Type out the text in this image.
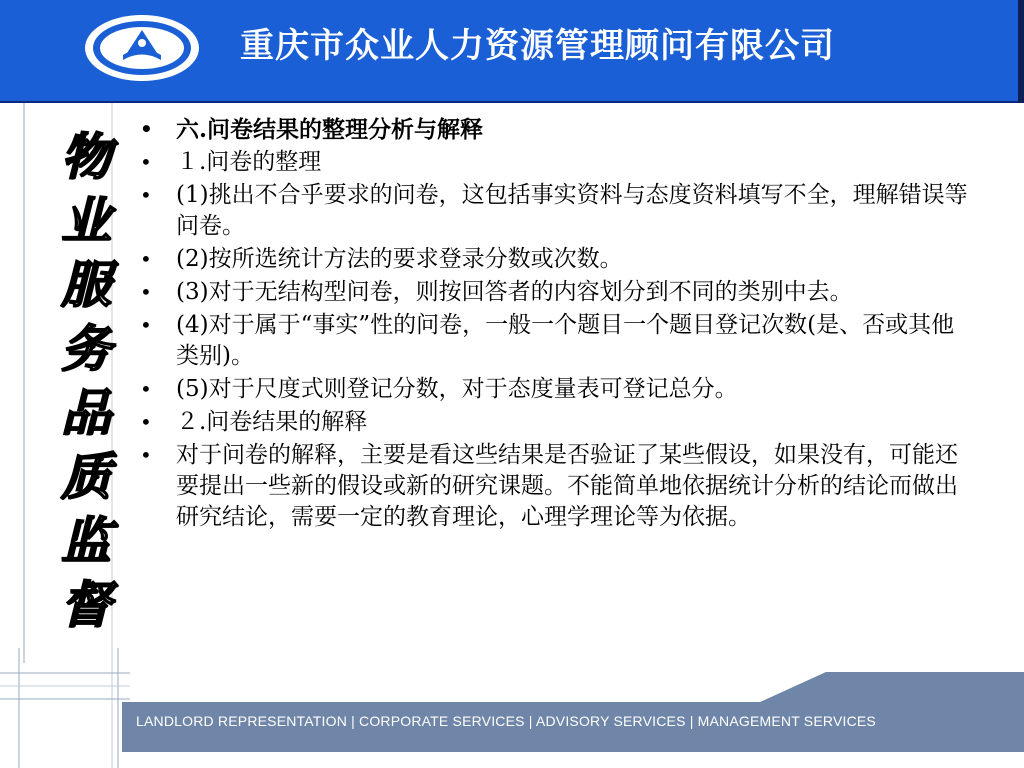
重庆市众业人力资源管理顾问有限公司
物业服务品质监督
• 六.问卷结果的整理分析与解释
• １.问卷的整理
• (1)挑出不合乎要求的问卷，这包括事实资料与态度资料填写不全，理解错误等问卷。
• (2)按所选统计方法的要求登录分数或次数。
• (3)对于无结构型问卷，则按回答者的内容划分到不同的类别中去。
• (4)对于属于“事实”性的问卷，一般一个题目一个题目登记次数(是、否或其他类别)。
• (5)对于尺度式则登记分数，对于态度量表可登记总分。
• ２.问卷结果的解释
• 对于问卷的解释，主要是看这些结果是否验证了某些假设，如果没有，可能还要提出一些新的假设或新的研究课题。不能简单地依据统计分析的结论而做出研究结论，需要一定的教育理论，心理学理论等为依据。
LANDLORD REPRESENTATION | CORPORATE SERVICES | ADVISORY SERVICES | MANAGEMENT SERVICES
